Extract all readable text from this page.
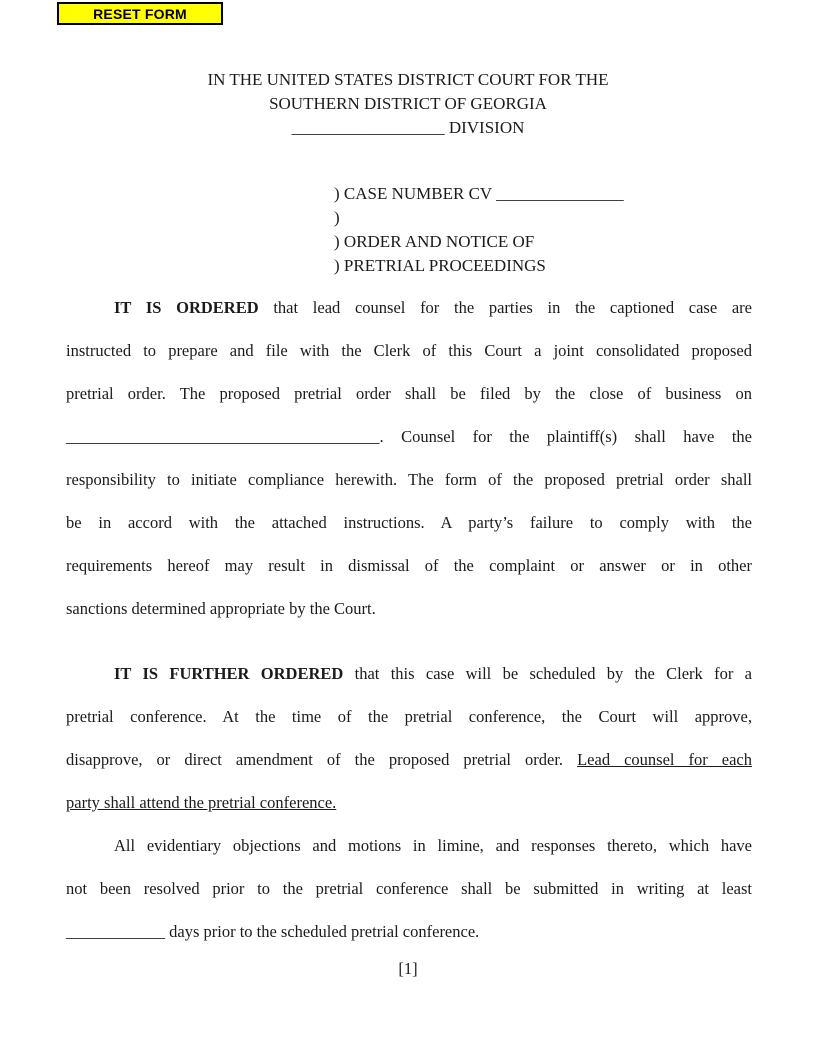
RESET FORM
IN THE UNITED STATES DISTRICT COURT FOR THE
SOUTHERN DISTRICT OF GEORGIA
__________________ DIVISION
) CASE NUMBER CV _______________
)
) ORDER AND NOTICE OF
) PRETRIAL PROCEEDINGS
IT IS ORDERED that lead counsel for the parties in the captioned case are
instructed to prepare and file with the Clerk of this Court a joint consolidated proposed
pretrial order. The proposed pretrial order shall be filed by the close of business on
______________________________________. Counsel for the plaintiff(s) shall have the
responsibility to initiate compliance herewith. The form of the proposed pretrial order shall
be in accord with the attached instructions. A party’s failure to comply with the
requirements hereof may result in dismissal of the complaint or answer or in other
sanctions determined appropriate by the Court.
IT IS FURTHER ORDERED that this case will be scheduled by the Clerk for a
pretrial conference. At the time of the pretrial conference, the Court will approve,
disapprove, or direct amendment of the proposed pretrial order. Lead counsel for each
party shall attend the pretrial conference.
All evidentiary objections and motions in limine, and responses thereto, which have
not been resolved prior to the pretrial conference shall be submitted in writing at least
____________ days prior to the scheduled pretrial conference.
[1]
